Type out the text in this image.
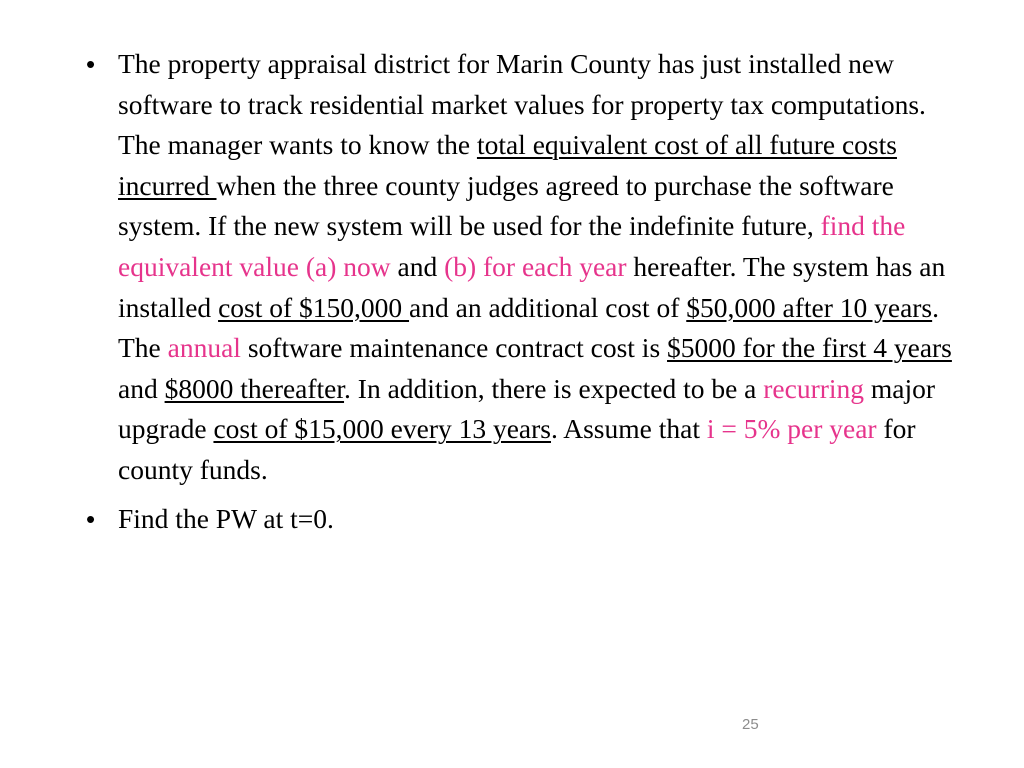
• The property appraisal district for Marin County has just installed new software to track residential market values for property tax computations. The manager wants to know the total equivalent cost of all future costs incurred when the three county judges agreed to purchase the software system. If the new system will be used for the indefinite future, find the equivalent value (a) now and (b) for each year hereafter. The system has an installed cost of $150,000 and an additional cost of $50,000 after 10 years. The annual software maintenance contract cost is $5000 for the first 4 years and $8000 thereafter. In addition, there is expected to be a recurring major upgrade cost of $15,000 every 13 years. Assume that i = 5% per year for county funds.
• Find the PW at t=0.
25
